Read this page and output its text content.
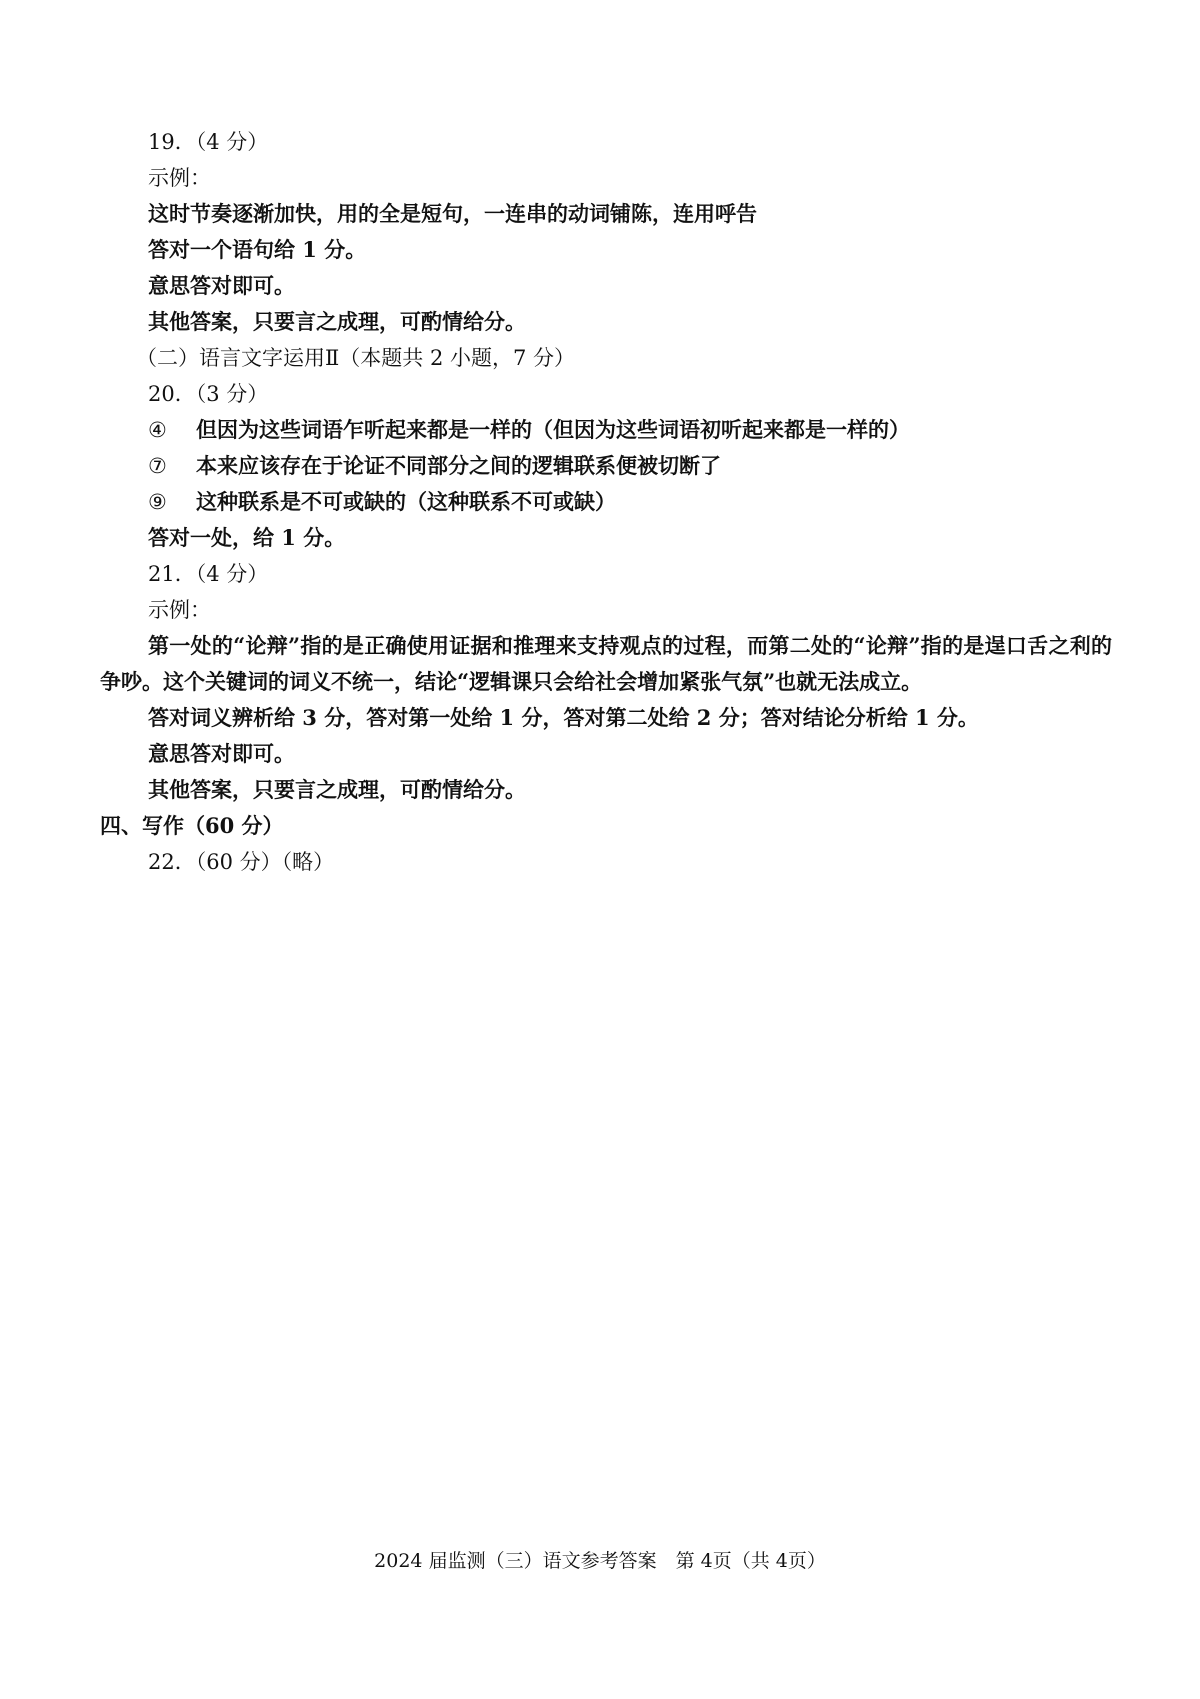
19．（4 分）
示例：
这时节奏逐渐加快，用的全是短句，一连串的动词铺陈，连用呼告
答对一个语句给 1 分。
意思答对即可。
其他答案，只要言之成理，可酌情给分。
（二）语言文字运用Ⅱ（本题共 2 小题，7 分）
20．（3 分）
④	但因为这些词语乍听起来都是一样的（但因为这些词语初听起来都是一样的）
⑦	本来应该存在于论证不同部分之间的逻辑联系便被切断了
⑨	这种联系是不可或缺的（这种联系不可或缺）
答对一处，给 1 分。
21．（4 分）
示例：

第一处的“论辩”指的是正确使用证据和推理来支持观点的过程，而第二处的“论辩”指的是逞口舌之利的争吵。这个关键词的词义不统一，结论“逻辑课只会给社会增加紧张气氛”也就无法成立。

答对词义辨析给 3 分，答对第一处给 1 分，答对第二处给 2 分；答对结论分析给 1 分。
意思答对即可。
其他答案，只要言之成理，可酌情给分。
四、写作（60 分）
22．（60 分）（略）
2024 届监测（三）语文参考答案　第 4页（共 4页）
